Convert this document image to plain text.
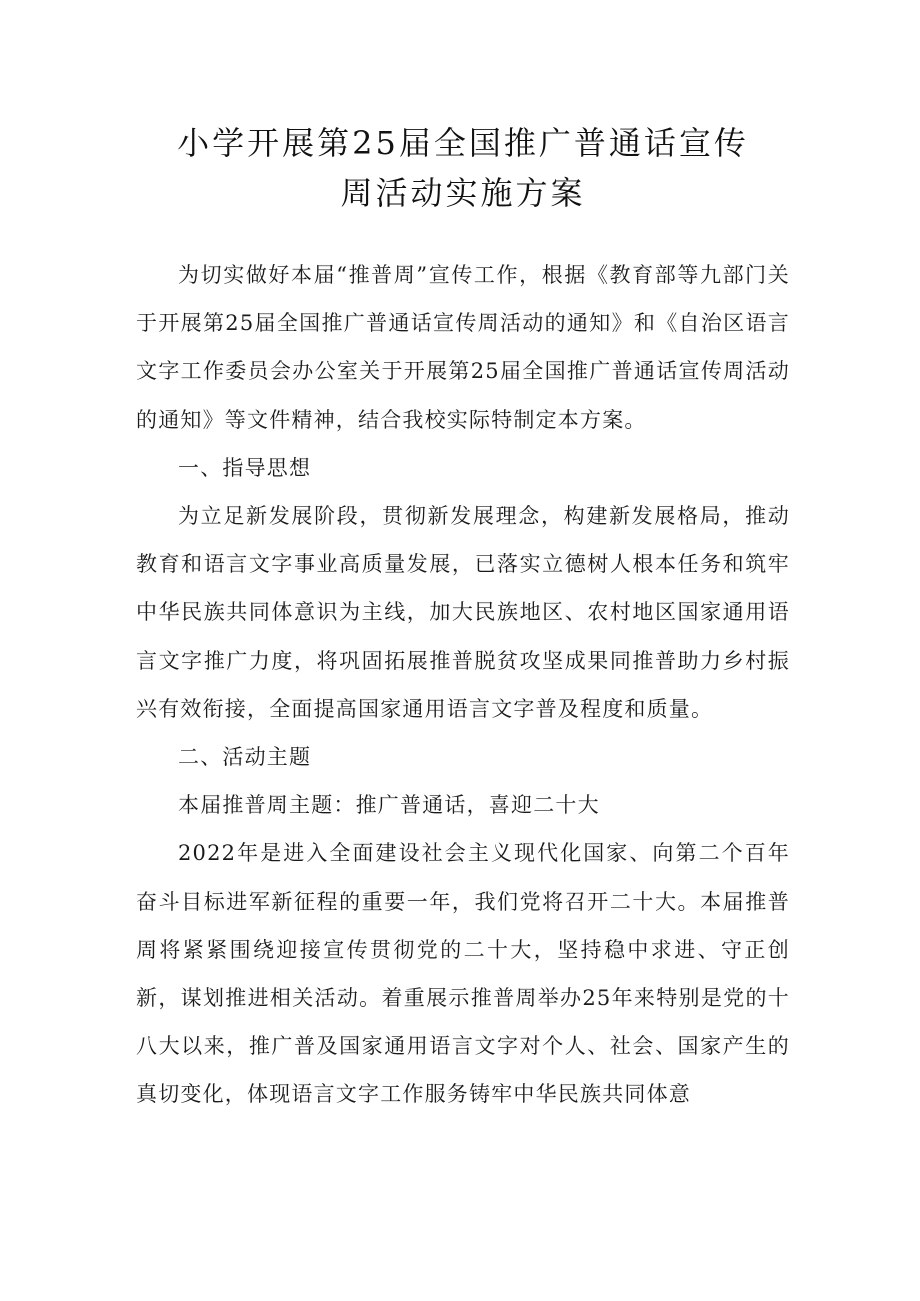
小学开展第25届全国推广普通话宣传
周活动实施方案

为切实做好本届“推普周”宣传工作，根据《教育部等九部门关于开展第25届全国推广普通话宣传周活动的通知》和《自治区语言文字工作委员会办公室关于开展第25届全国推广普通话宣传周活动的通知》等文件精神，结合我校实际特制定本方案。

一、指导思想

为立足新发展阶段，贯彻新发展理念，构建新发展格局，推动教育和语言文字事业高质量发展，已落实立德树人根本任务和筑牢中华民族共同体意识为主线，加大民族地区、农村地区国家通用语言文字推广力度，将巩固拓展推普脱贫攻坚成果同推普助力乡村振兴有效衔接，全面提高国家通用语言文字普及程度和质量。

二、活动主题

本届推普周主题：推广普通话，喜迎二十大

2022年是进入全面建设社会主义现代化国家、向第二个百年奋斗目标进军新征程的重要一年，我们党将召开二十大。本届推普周将紧紧围绕迎接宣传贯彻党的二十大，坚持稳中求进、守正创新，谋划推进相关活动。着重展示推普周举办25年来特别是党的十八大以来，推广普及国家通用语言文字对个人、社会、国家产生的真切变化，体现语言文字工作服务铸牢中华民族共同体意
